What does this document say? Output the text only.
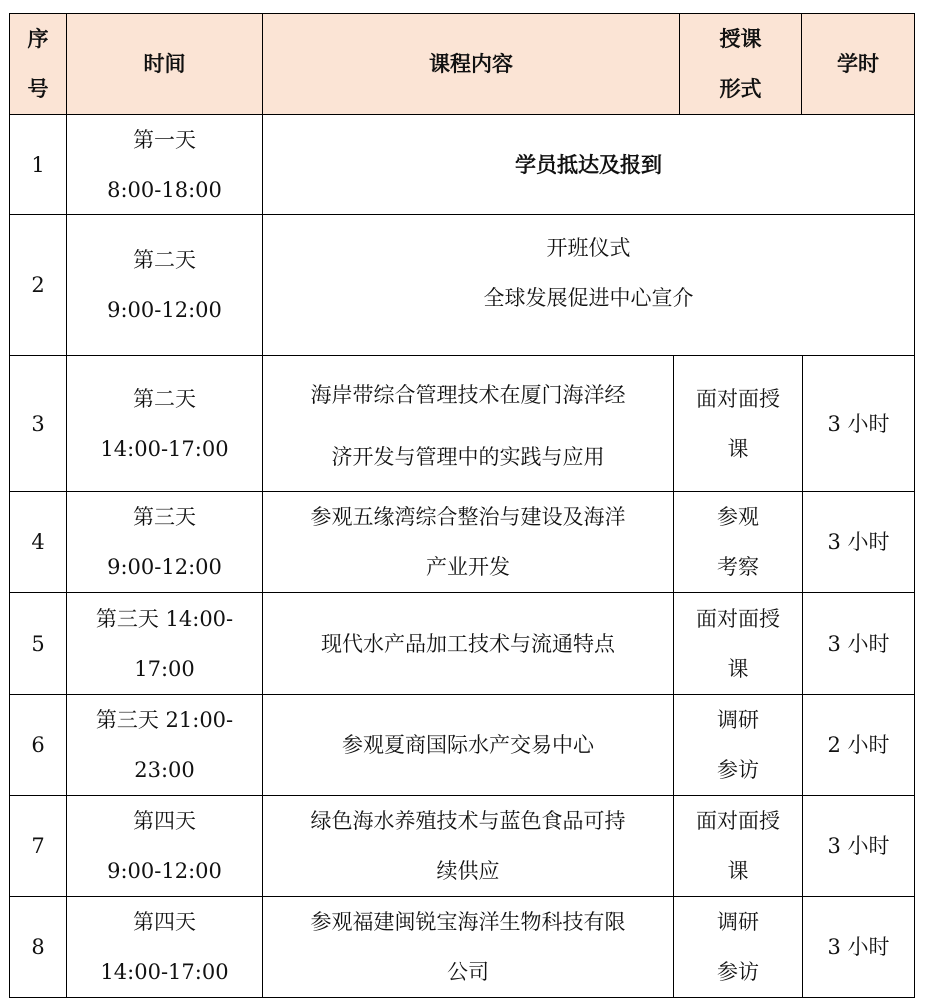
序
号
时间	课程内容
授课
形式
学时
1
第一天
8:00-18:00
学员抵达及报到
2
第二天
9:00-12:00
开班仪式
全球发展促进中心宣介
3
第二天
14:00-17:00
海岸带综合管理技术在厦门海洋经
济开发与管理中的实践与应用
面对面授
课
3 小时
4
第三天
9:00-12:00
参观五缘湾综合整治与建设及海洋
产业开发
参观
考察
3 小时
5
第三天 14:00-
17:00
现代水产品加工技术与流通特点
面对面授
课
3 小时
6
第三天 21:00-
23:00
参观夏商国际水产交易中心
调研
参访
2 小时
7
第四天
9:00-12:00
绿色海水养殖技术与蓝色食品可持
续供应
面对面授
课
3 小时
8
第四天
14:00-17:00
参观福建闽锐宝海洋生物科技有限
公司
调研
参访
3 小时
